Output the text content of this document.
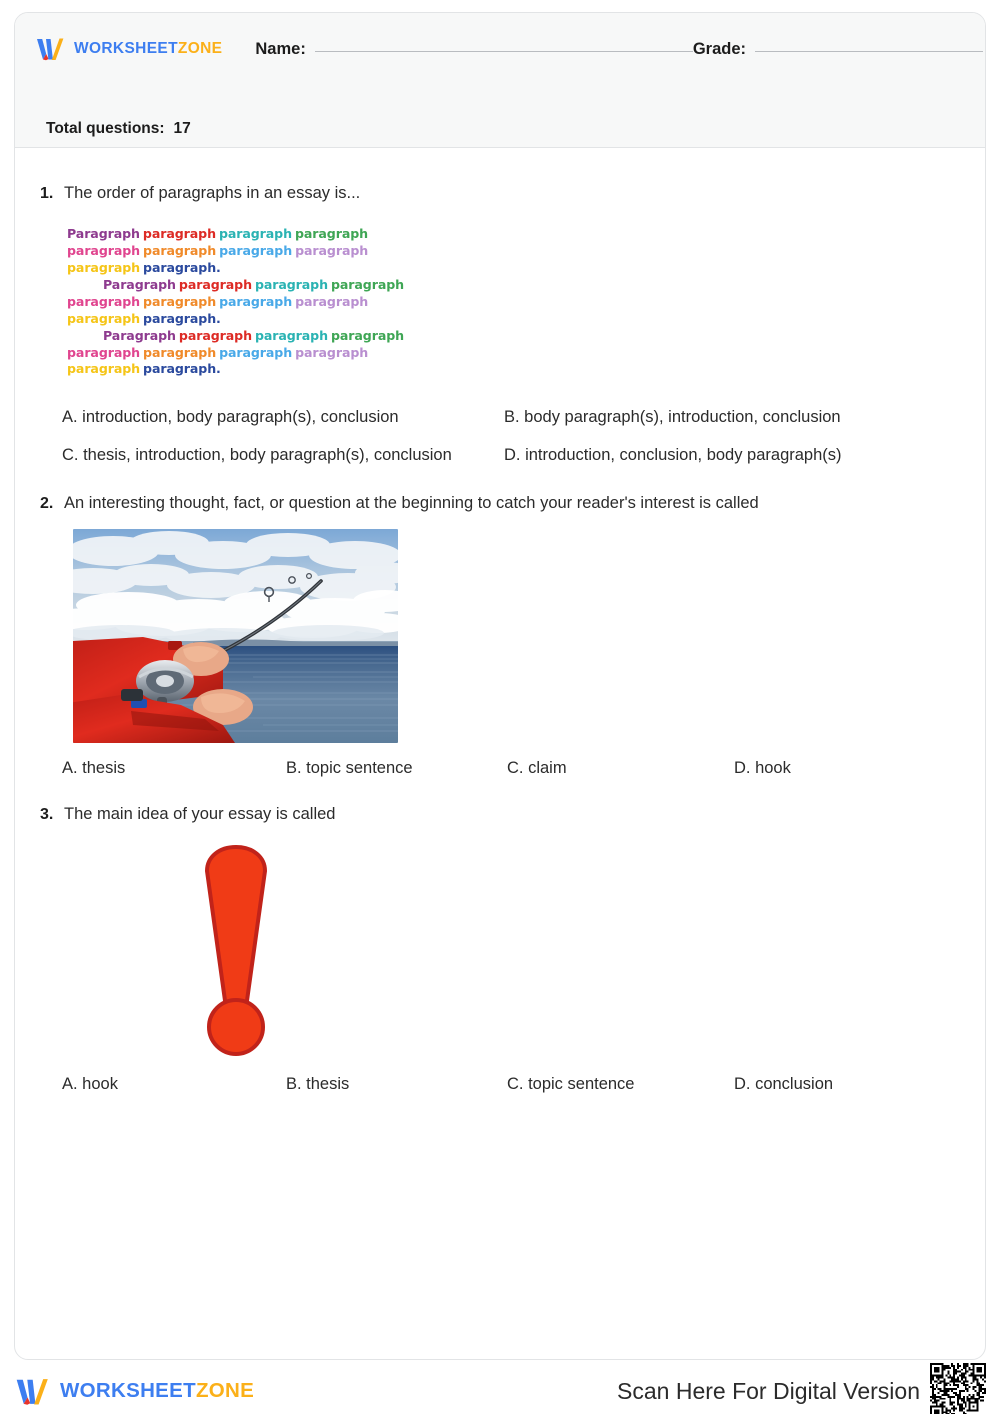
WORKSHEETZONE Name:	Grade:
Total questions: 17
1. The order of paragraphs in an essay is...
Paragraph paragraph paragraph paragraph
paragraph paragraph paragraph paragraph
paragraph paragraph.
Paragraph paragraph paragraph paragraph
paragraph paragraph paragraph paragraph
paragraph paragraph.
Paragraph paragraph paragraph paragraph
paragraph paragraph paragraph paragraph
paragraph paragraph.
A. introduction, body paragraph(s), conclusion	B. body paragraph(s), introduction, conclusion
C. thesis, introduction, body paragraph(s), conclusion	D. introduction, conclusion, body paragraph(s)
2. An interesting thought, fact, or question at the beginning to catch your reader's interest is called
A. thesis	B. topic sentence	C. claim	D. hook
3. The main idea of your essay is called
A. hook	B. thesis	C. topic sentence	D. conclusion
WORKSHEETZONE	Scan Here For Digital Version
